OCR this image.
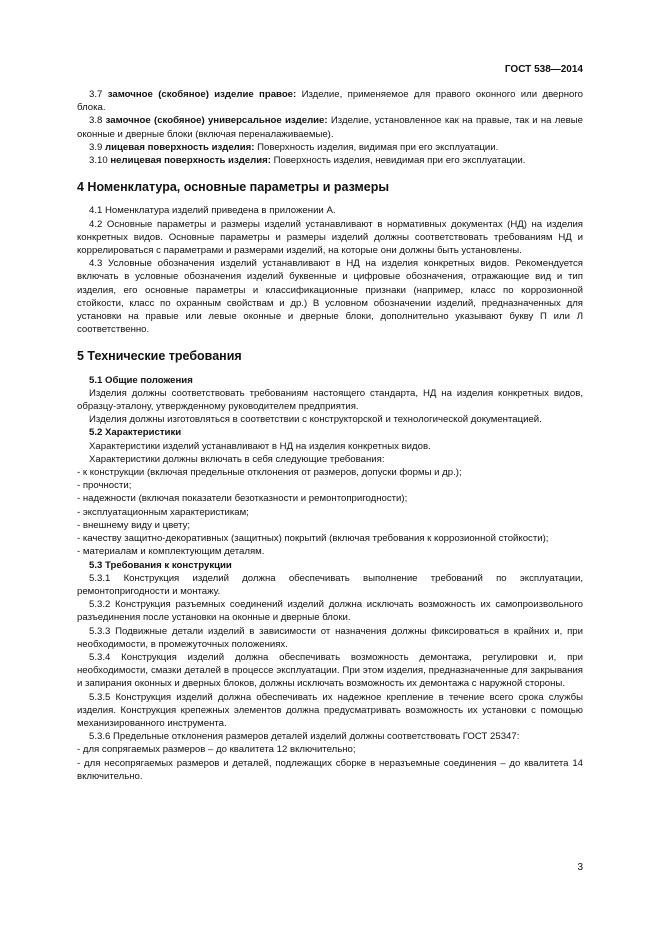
ГОСТ 538—2014

3.7 замочное (скобяное) изделие правое: Изделие, применяемое для правого оконного или дверного блока.

3.8 замочное (скобяное) универсальное изделие: Изделие, установленное как на правые, так и на левые оконные и дверные блоки (включая переналаживаемые).

3.9 лицевая поверхность изделия: Поверхность изделия, видимая при его эксплуатации.

3.10 нелицевая поверхность изделия: Поверхность изделия, невидимая при его эксплуатации.

4 Номенклатура, основные параметры и размеры

4.1 Номенклатура изделий приведена в приложении А.

4.2 Основные параметры и размеры изделий устанавливают в нормативных документах (НД) на изделия конкретных видов. Основные параметры и размеры изделий должны соответствовать требованиям НД и коррелироваться с параметрами и размерами изделий, на которые они должны быть установлены.

4.3 Условные обозначения изделий устанавливают в НД на изделия конкретных видов. Рекомендуется включать в условные обозначения изделий буквенные и цифровые обозначения, отражающие вид и тип изделия, его основные параметры и классификационные признаки (например, класс по коррозионной стойкости, класс по охранным свойствам и др.) В условном обозначении изделий, предназначенных для установки на правые или левые оконные и дверные блоки, дополнительно указывают букву П или Л соответственно.

5 Технические требования

5.1 Общие положения

Изделия должны соответствовать требованиям настоящего стандарта, НД на изделия конкретных видов, образцу-эталону, утвержденному руководителем предприятия.

Изделия должны изготовляться в соответствии с конструкторской и технологической документацией.

5.2 Характеристики

Характеристики изделий устанавливают в НД на изделия конкретных видов.

Характеристики должны включать в себя следующие требования:

- к конструкции (включая предельные отклонения от размеров, допуски формы и др.);

- прочности;

- надежности (включая показатели безотказности и ремонтопригодности);

- эксплуатационным характеристикам;

- внешнему виду и цвету;

- качеству защитно-декоративных (защитных) покрытий (включая требования к коррозионной стойкости);

- материалам и комплектующим деталям.

5.3 Требования к конструкции

5.3.1 Конструкция изделий должна обеспечивать выполнение требований по эксплуатации, ремонтопригодности и монтажу.

5.3.2 Конструкция разъемных соединений изделий должна исключать возможность их самопроизвольного разъединения после установки на оконные и дверные блоки.

5.3.3 Подвижные детали изделий в зависимости от назначения должны фиксироваться в крайних и, при необходимости, в промежуточных положениях.

5.3.4 Конструкция изделий должна обеспечивать возможность демонтажа, регулировки и, при необходимости, смазки деталей в процессе эксплуатации. При этом изделия, предназначенные для закрывания и запирания оконных и дверных блоков, должны исключать возможность их демонтажа с наружной стороны.

5.3.5 Конструкция изделий должна обеспечивать их надежное крепление в течение всего срока службы изделия. Конструкция крепежных элементов должна предусматривать возможность их установки с помощью механизированного инструмента.

5.3.6 Предельные отклонения размеров деталей изделий должны соответствовать ГОСТ 25347:

- для сопрягаемых размеров – до квалитета 12 включительно;

- для несопрягаемых размеров и деталей, подлежащих сборке в неразъемные соединения – до квалитета 14 включительно.

3
